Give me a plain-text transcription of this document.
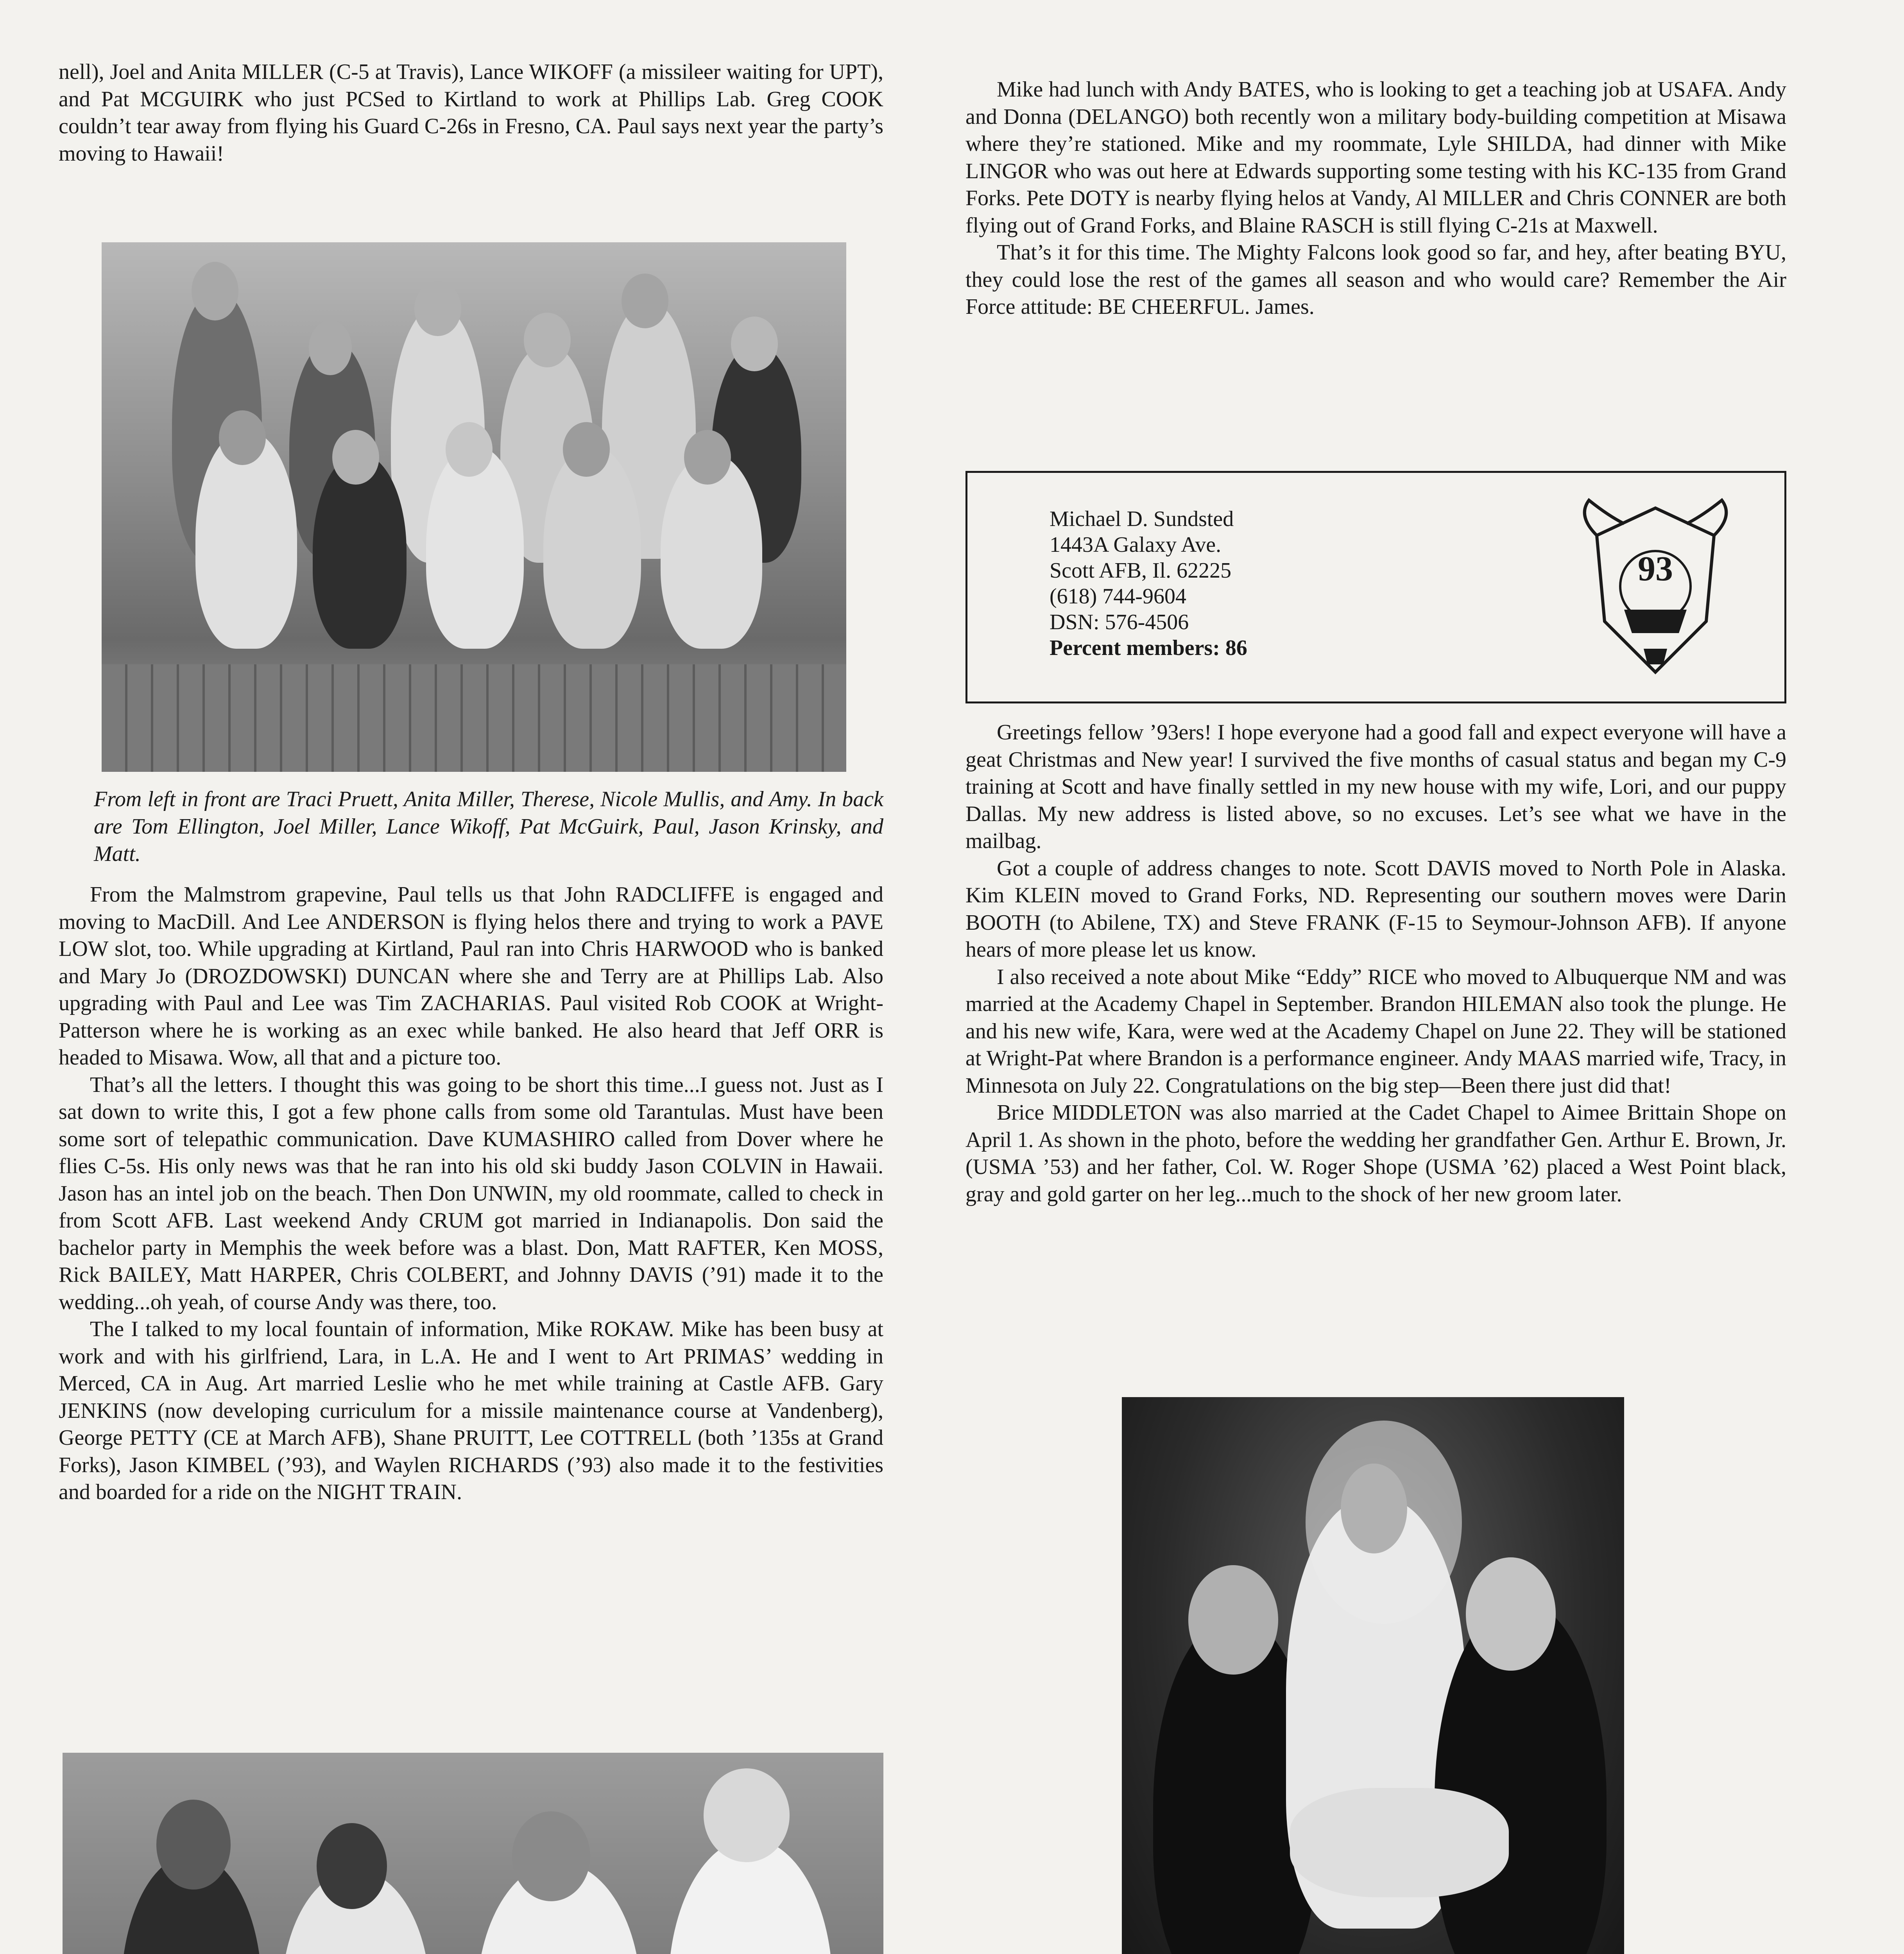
nell), Joel and Anita MILLER (C-5 at Travis), Lance WIKOFF (a missileer waiting for UPT), and Pat MCGUIRK who just PCSed to Kirtland to work at Phillips Lab. Greg COOK couldn’t tear away from flying his Guard C-26s in Fresno, CA. Paul says next year the party’s moving to Hawaii!

From left in front are Traci Pruett, Anita Miller, Therese, Nicole Mullis, and Amy. In back are Tom Ellington, Joel Miller, Lance Wikoff, Pat McGuirk, Paul, Jason Krinsky, and Matt.

From the Malmstrom grapevine, Paul tells us that John RADCLIFFE is engaged and moving to MacDill. And Lee ANDERSON is flying helos there and trying to work a PAVE LOW slot, too. While upgrading at Kirtland, Paul ran into Chris HARWOOD who is banked and Mary Jo (DROZDOWSKI) DUNCAN where she and Terry are at Phillips Lab. Also upgrading with Paul and Lee was Tim ZACHARIAS. Paul visited Rob COOK at Wright-Patterson where he is working as an exec while banked. He also heard that Jeff ORR is headed to Misawa. Wow, all that and a picture too.

That’s all the letters. I thought this was going to be short this time...I guess not. Just as I sat down to write this, I got a few phone calls from some old Tarantulas. Must have been some sort of telepathic communication. Dave KUMASHIRO called from Dover where he flies C-5s. His only news was that he ran into his old ski buddy Jason COLVIN in Hawaii. Jason has an intel job on the beach. Then Don UNWIN, my old roommate, called to check in from Scott AFB. Last weekend Andy CRUM got married in Indianapolis. Don said the bachelor party in Memphis the week before was a blast. Don, Matt RAFTER, Ken MOSS, Rick BAILEY, Matt HARPER, Chris COLBERT, and Johnny DAVIS (’91) made it to the wedding...oh yeah, of course Andy was there, too.

The I talked to my local fountain of information, Mike ROKAW. Mike has been busy at work and with his girlfriend, Lara, in L.A. He and I went to Art PRIMAS’ wedding in Merced, CA in Aug. Art married Leslie who he met while training at Castle AFB. Gary JENKINS (now developing curriculum for a missile maintenance course at Vandenberg), George PETTY (CE at March AFB), Shane PRUITT, Lee COTTRELL (both ’135s at Grand Forks), Jason KIMBEL (’93), and Waylen RICHARDS (’93) also made it to the festivities and boarded for a ride on the NIGHT TRAIN.

Mike had lunch with Andy BATES, who is looking to get a teaching job at USAFA. Andy and Donna (DELANGO) both recently won a military body-building competition at Misawa where they’re stationed. Mike and my roommate, Lyle SHILDA, had dinner with Mike LINGOR who was out here at Edwards supporting some testing with his KC-135 from Grand Forks. Pete DOTY is nearby flying helos at Vandy, Al MILLER and Chris CONNER are both flying out of Grand Forks, and Blaine RASCH is still flying C-21s at Maxwell.

That’s it for this time. The Mighty Falcons look good so far, and hey, after beating BYU, they could lose the rest of the games all season and who would care? Remember the Air Force attitude: BE CHEERFUL. James.

Michael D. Sundsted
1443A Galaxy Ave.
Scott AFB, Il. 62225
(618) 744-9604
DSN: 576-4506
Percent members: 86
93

Greetings fellow ’93ers! I hope everyone had a good fall and expect everyone will have a geat Christmas and New year! I survived the five months of casual status and began my C-9 training at Scott and have finally settled in my new house with my wife, Lori, and our puppy Dallas. My new address is listed above, so no excuses. Let’s see what we have in the mailbag.

Got a couple of address changes to note. Scott DAVIS moved to North Pole in Alaska. Kim KLEIN moved to Grand Forks, ND. Representing our southern moves were Darin BOOTH (to Abilene, TX) and Steve FRANK (F-15 to Seymour-Johnson AFB). If anyone hears of more please let us know.

I also received a note about Mike “Eddy” RICE who moved to Albuquerque NM and was married at the Academy Chapel in September. Brandon HILEMAN also took the plunge. He and his new wife, Kara, were wed at the Academy Chapel on June 22. They will be stationed at Wright-Pat where Brandon is a performance engineer. Andy MAAS married wife, Tracy, in Minnesota on July 22. Congratulations on the big step—Been there just did that!

Brice MIDDLETON was also married at the Cadet Chapel to Aimee Brittain Shope on April 1. As shown in the photo, before the wedding her grandfather Gen. Arthur E. Brown, Jr. (USMA ’53) and her father, Col. W. Roger Shope (USMA ’62) placed a West Point black, gray and gold garter on her leg...much to the shock of her new groom later.
